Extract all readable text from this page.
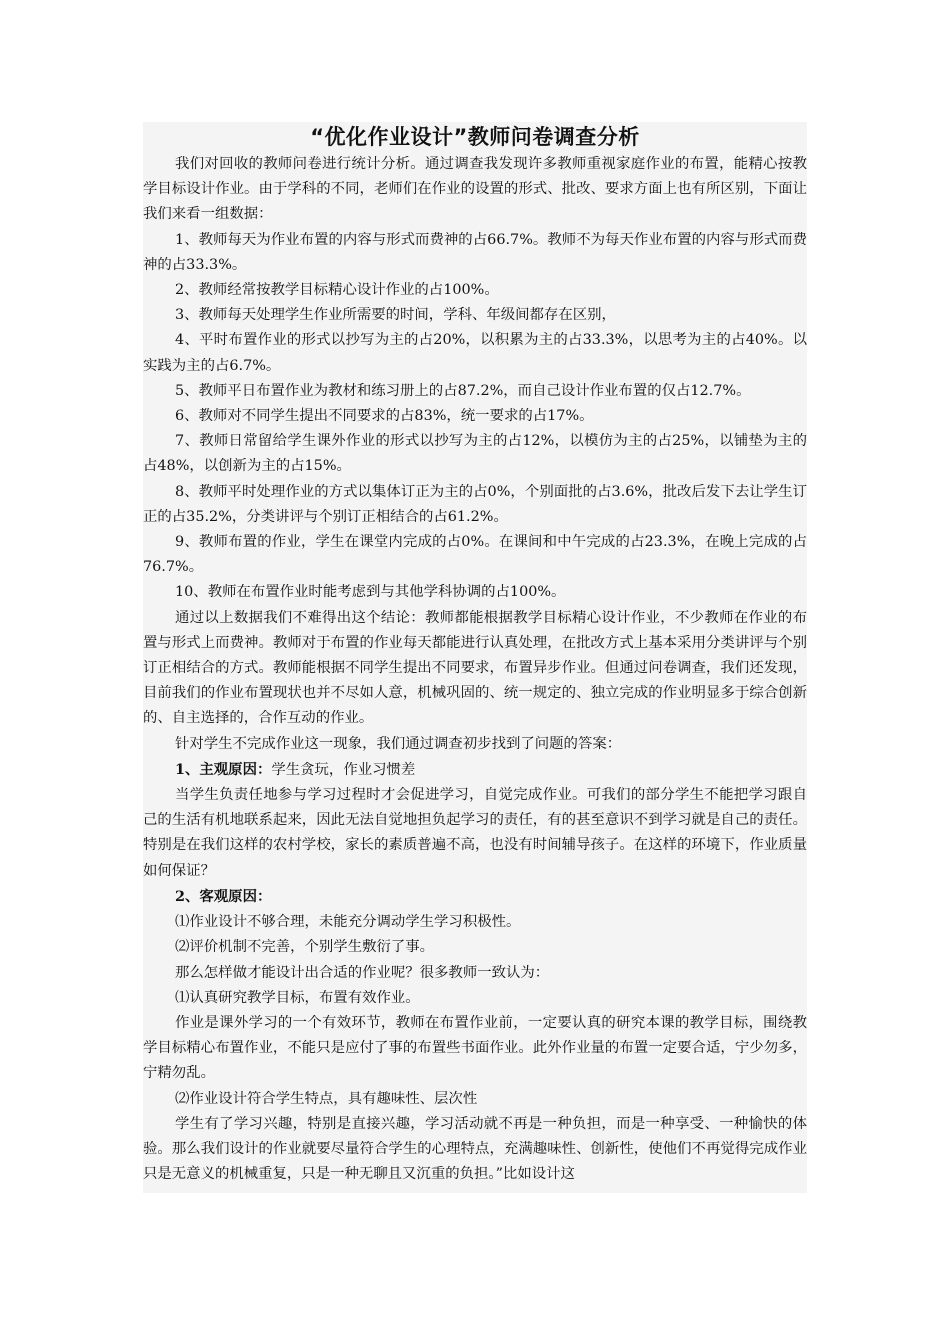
“优化作业设计”教师问卷调查分析

我们对回收的教师问卷进行统计分析。通过调查我发现许多教师重视家庭作业的布置，能精心按教学目标设计作业。由于学科的不同，老师们在作业的设置的形式、批改、要求方面上也有所区别，下面让我们来看一组数据：

1、教师每天为作业布置的内容与形式而费神的占66.7%。教师不为每天作业布置的内容与形式而费神的占33.3%。

2、教师经常按教学目标精心设计作业的占100%。

3、教师每天处理学生作业所需要的时间，学科、年级间都存在区别，

4、平时布置作业的形式以抄写为主的占20%，以积累为主的占33.3%，以思考为主的占40%。以实践为主的占6.7%。

5、教师平日布置作业为教材和练习册上的占87.2%，而自己设计作业布置的仅占12.7%。

6、教师对不同学生提出不同要求的占83%，统一要求的占17%。

7、教师日常留给学生课外作业的形式以抄写为主的占12%，以模仿为主的占25%，以铺垫为主的占48%，以创新为主的占15%。

8、教师平时处理作业的方式以集体订正为主的占0%，个别面批的占3.6%，批改后发下去让学生订正的占35.2%，分类讲评与个别订正相结合的占61.2%。

9、教师布置的作业，学生在课堂内完成的占0%。在课间和中午完成的占23.3%，在晚上完成的占76.7%。

10、教师在布置作业时能考虑到与其他学科协调的占100%。

通过以上数据我们不难得出这个结论：教师都能根据教学目标精心设计作业，不少教师在作业的布置与形式上而费神。教师对于布置的作业每天都能进行认真处理，在批改方式上基本采用分类讲评与个别订正相结合的方式。教师能根据不同学生提出不同要求，布置异步作业。但通过问卷调查，我们还发现，目前我们的作业布置现状也并不尽如人意，机械巩固的、统一规定的、独立完成的作业明显多于综合创新的、自主选择的，合作互动的作业。

针对学生不完成作业这一现象，我们通过调查初步找到了问题的答案：

1、主观原因：学生贪玩，作业习惯差

当学生负责任地参与学习过程时才会促进学习，自觉完成作业。可我们的部分学生不能把学习跟自己的生活有机地联系起来，因此无法自觉地担负起学习的责任，有的甚至意识不到学习就是自己的责任。特别是在我们这样的农村学校，家长的素质普遍不高，也没有时间辅导孩子。在这样的环境下，作业质量如何保证？

2、客观原因：

⑴作业设计不够合理，未能充分调动学生学习积极性。

⑵评价机制不完善，个别学生敷衍了事。

那么怎样做才能设计出合适的作业呢？很多教师一致认为：

⑴认真研究教学目标，布置有效作业。

作业是课外学习的一个有效环节，教师在布置作业前，一定要认真的研究本课的教学目标，围绕教学目标精心布置作业，不能只是应付了事的布置些书面作业。此外作业量的布置一定要合适，宁少勿多，宁精勿乱。

⑵作业设计符合学生特点，具有趣味性、层次性

学生有了学习兴趣，特别是直接兴趣，学习活动就不再是一种负担，而是一种享受、一种愉快的体验。那么我们设计的作业就要尽量符合学生的心理特点，充满趣味性、创新性，使他们不再觉得完成作业只是无意义的机械重复，只是一种无聊且又沉重的负担。”比如设计这
